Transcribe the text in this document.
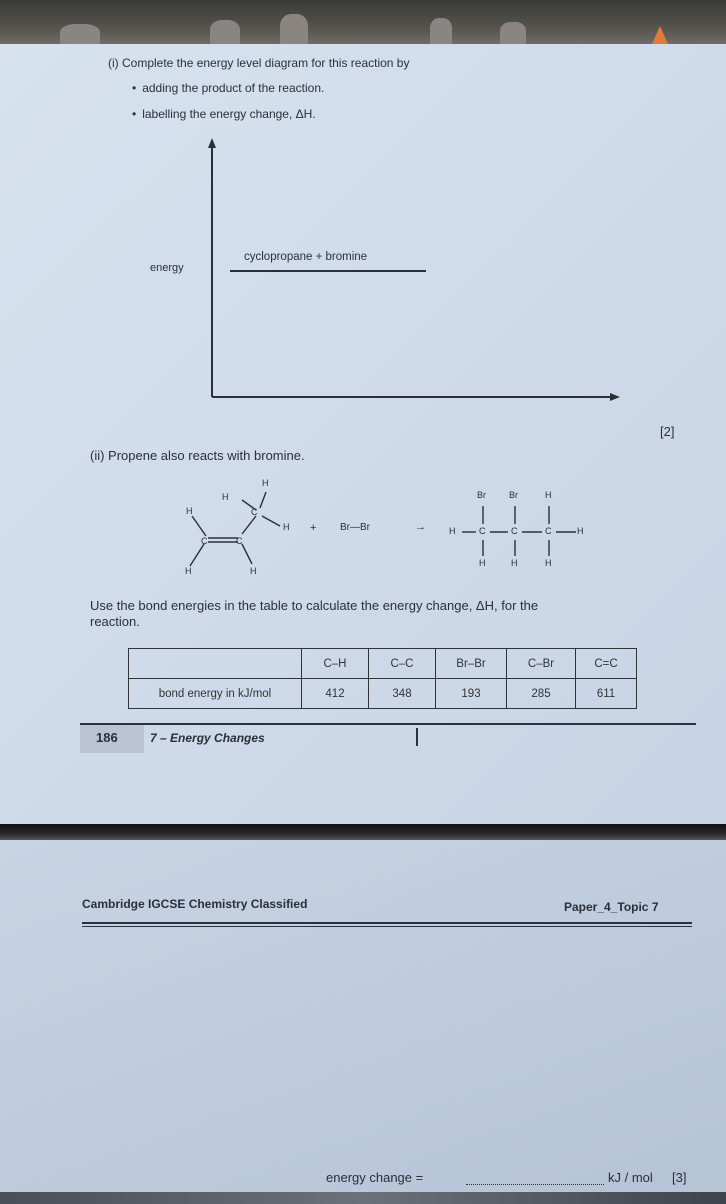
(i) Complete the energy level diagram for this reaction by
• adding the product of the reaction.
• labelling the energy change, ΔH.
energy
cyclopropane + bromine
[2]
(ii) Propene also reacts with bromine.
H
H
H	C
H
C	C
H	H
+ Br—Br	→
Br	Br	H
H	C	C	C	H
H	H	H
Use the bond energies in the table to calculate the energy change, ΔH, for the
reaction.
	C–H	C–C	Br–Br	C–Br	C=C
bond energy in kJ/mol	412	348	193	285	611
186	7 – Energy Changes
Cambridge IGCSE Chemistry Classified	Paper_4_Topic 7
energy change =	kJ / mol [3]
